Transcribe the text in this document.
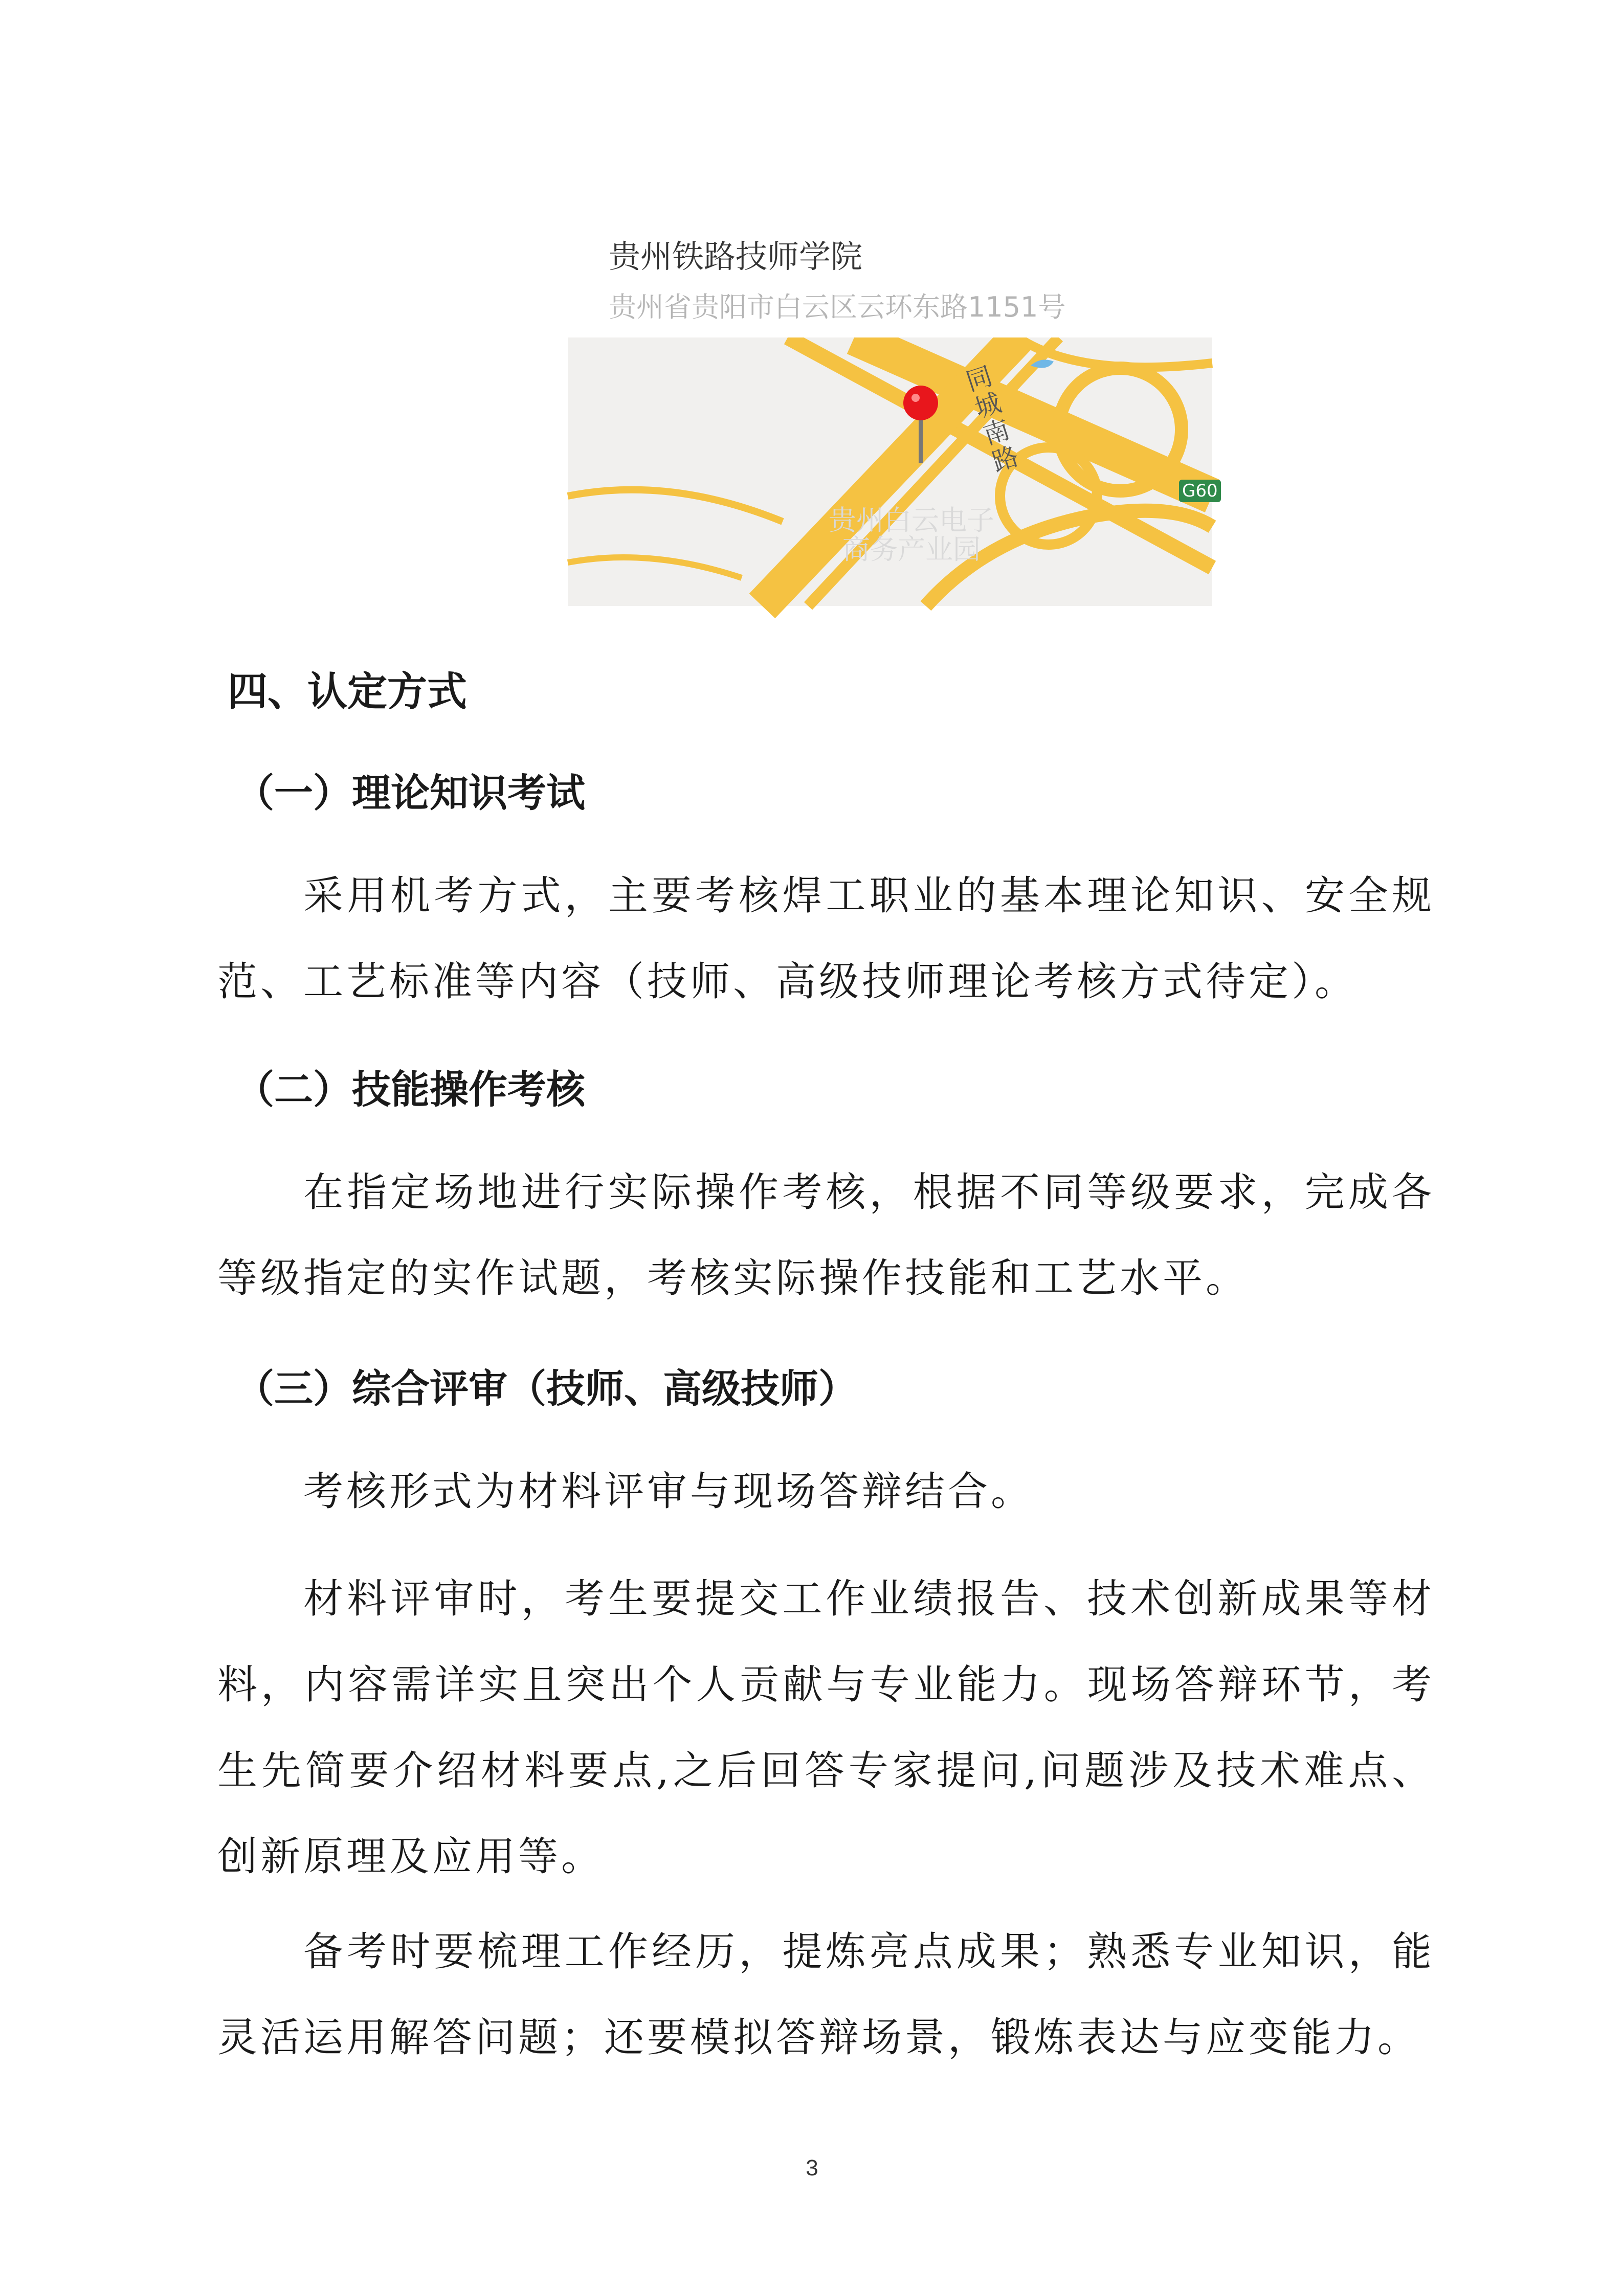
贵州铁路技师学院
贵州省贵阳市白云区云环东路1151号
同城南路
贵州白云电子
商务产业园
G60
四、认定方式
（一）理论知识考试

采用机考方式，主要考核焊工职业的基本理论知识、安全规范、工艺标准等内容（技师、高级技师理论考核方式待定）。

（二）技能操作考核

在指定场地进行实际操作考核，根据不同等级要求，完成各等级指定的实作试题，考核实际操作技能和工艺水平。

（三）综合评审（技师、高级技师）

考核形式为材料评审与现场答辩结合。

材料评审时，考生要提交工作业绩报告、技术创新成果等材料，内容需详实且突出个人贡献与专业能力。现场答辩环节，考生先简要介绍材料要点,之后回答专家提问,问题涉及技术难点、创新原理及应用等。

备考时要梳理工作经历，提炼亮点成果；熟悉专业知识，能灵活运用解答问题；还要模拟答辩场景，锻炼表达与应变能力。

3
